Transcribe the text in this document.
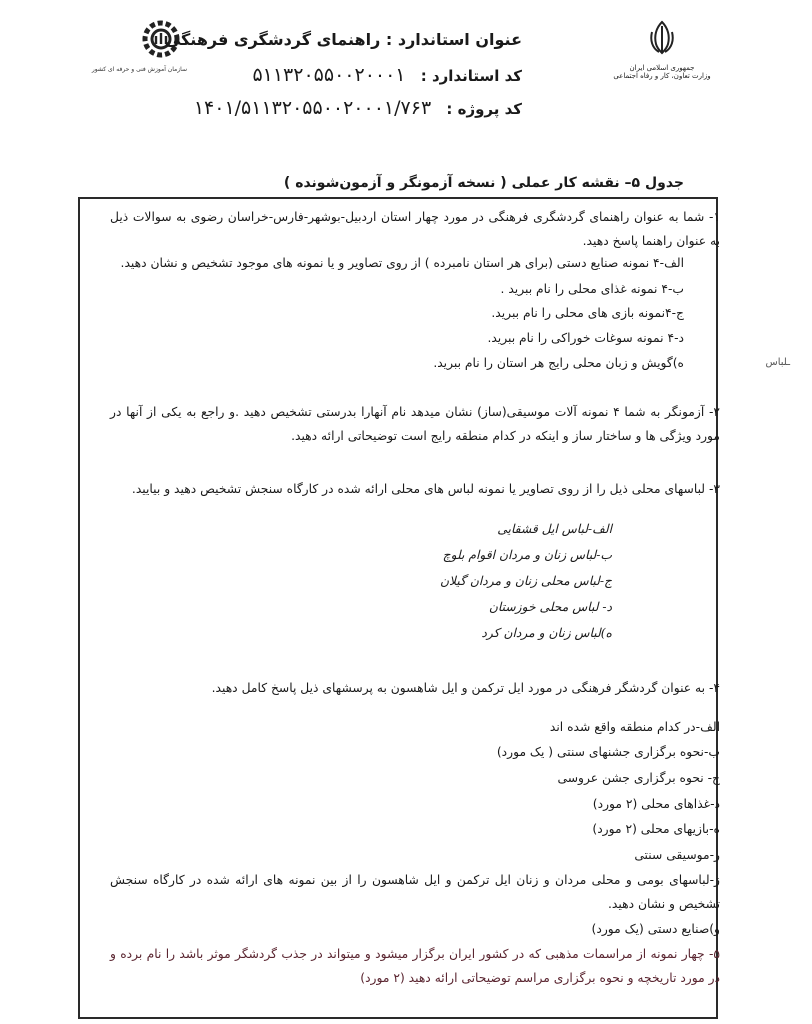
جمهوری اسلامی ایران
وزارت تعاون، کار و رفاه اجتماعی
سازمان آموزش فنی و حرفه ای کشور
عنوان استاندارد : راهنمای گردشگری فرهنگی
کد استاندارد : ۵۱۱۳۲۰۵۵۰۰۲۰۰۰۱
کد پروژه : ۱۴۰۱/۵۱۱۳۲۰۵۵۰۰۲۰۰۰۱/۷۶۳
جدول ۵– نقشه کار عملی ( نسخه آزمونگر و آزمون‌شونده )
ـلباس
۱- شما به عنوان راهنمای گردشگری فرهنگی در مورد چهار استان اردبیل-بوشهر-فارس-خراسان رضوی به سوالات ذیل به عنوان راهنما پاسخ دهید.
الف-۴ نمونه صنایع دستی (برای هر استان نامبرده ) از روی تصاویر و یا نمونه های موجود تشخیص و نشان دهید.
ب-۴ نمونه غذای محلی را نام ببرید .
ج-۴نمونه بازی های محلی را نام ببرید.
د-۴ نمونه سوغات خوراکی را نام ببرید.
ه)گویش و زبان محلی رایج هر استان را نام ببرید.
۲- آزمونگر به شما ۴ نمونه آلات موسیقی(ساز) نشان میدهد نام آنهارا بدرستی تشخیص دهید .و راجع به یکی از آنها در مورد ویژگی ها و ساختار ساز و اینکه در کدام منطقه رایج است توضیحاتی ارائه دهید.
۳- لباسهای محلی ذیل را از روی تصاویر یا نمونه لباس های محلی ارائه شده در کارگاه سنجش تشخیص دهید و بیایید.
الف-لباس ایل قشقایی
ب-لباس زنان و مردان اقوام بلوچ
ج-لباس محلی زنان و مردان گیلان
د- لباس محلی خوزستان
ه)لباس زنان و مردان کرد
۴- به عنوان گردشگر فرهنگی در مورد ایل ترکمن و ایل شاهسون به پرسشهای ذیل پاسخ کامل دهید.
الف-در کدام منطقه واقع شده اند
ب-نحوه برگزاری جشنهای سنتی ( یک مورد)
ج- نحوه برگزاری جشن عروسی
د-غذاهای محلی (۲ مورد)
ه-بازیهای محلی (۲ مورد)
ر-موسیقی سنتی
ز-لباسهای بومی و محلی مردان و زنان ایل ترکمن و ایل شاهسون را از بین نمونه های ارائه شده در کارگاه سنجش تشخیص و نشان دهید.
و)صنایع دستی (یک مورد)
۵- چهار نمونه از مراسمات مذهبی که در کشور ایران برگزار میشود و میتواند در جذب گردشگر موثر باشد را نام برده و در مورد تاریخچه و نحوه برگزاری مراسم توضیحاتی ارائه دهید (۲ مورد)
